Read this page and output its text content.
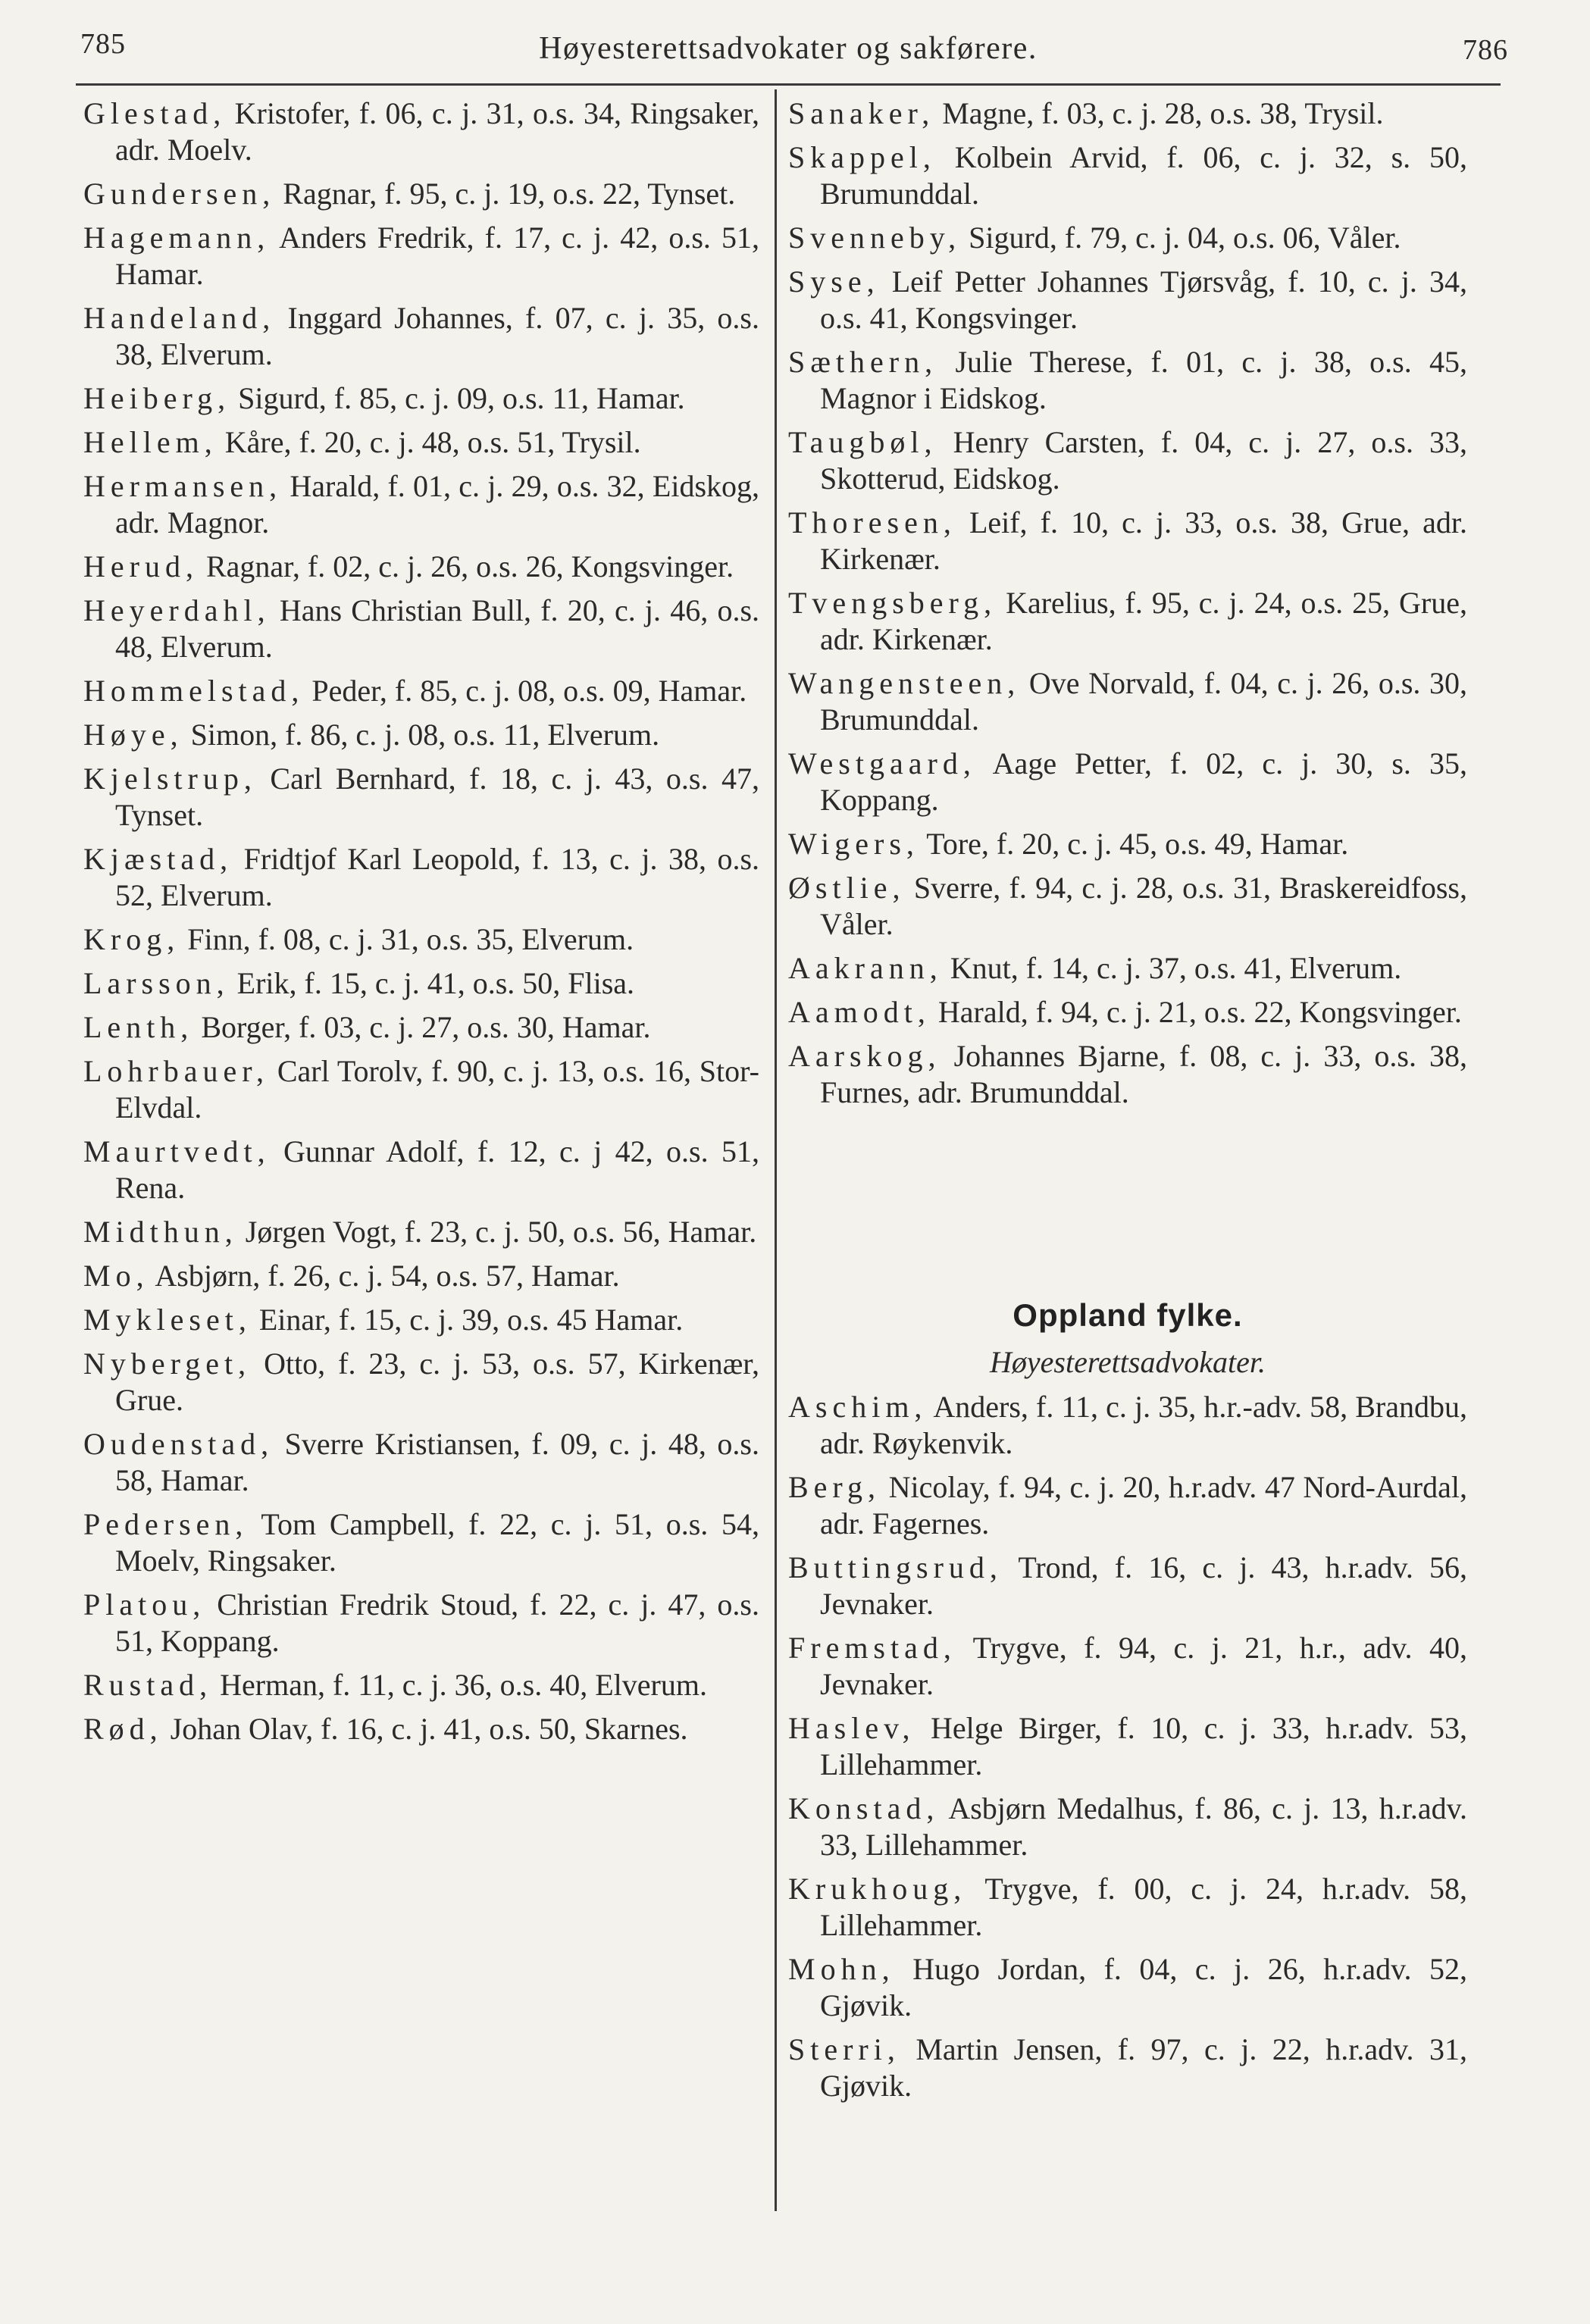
785	Høyesterettsadvokater og sakførere.	786
Glestad, Kristofer, f. 06, c. j. 31, o.s. 34, Ringsaker, adr. Moelv.
Gundersen, Ragnar, f. 95, c. j. 19, o.s. 22, Tynset.
Hagemann, Anders Fredrik, f. 17, c. j. 42, o.s. 51, Hamar.
Handeland, Inggard Johannes, f. 07, c. j. 35, o.s. 38, Elverum.
Heiberg, Sigurd, f. 85, c. j. 09, o.s. 11, Hamar.
Hellem, Kåre, f. 20, c. j. 48, o.s. 51, Trysil.
Hermansen, Harald, f. 01, c. j. 29, o.s. 32, Eidskog, adr. Magnor.
Herud, Ragnar, f. 02, c. j. 26, o.s. 26, Kongsvinger.
Heyerdahl, Hans Christian Bull, f. 20, c. j. 46, o.s. 48, Elverum.
Hommelstad, Peder, f. 85, c. j. 08, o.s. 09, Hamar.
Høye, Simon, f. 86, c. j. 08, o.s. 11, Elverum.
Kjelstrup, Carl Bernhard, f. 18, c. j. 43, o.s. 47, Tynset.
Kjæstad, Fridtjof Karl Leopold, f. 13, c. j. 38, o.s. 52, Elverum.
Krog, Finn, f. 08, c. j. 31, o.s. 35, Elverum.
Larsson, Erik, f. 15, c. j. 41, o.s. 50, Flisa.
Lenth, Borger, f. 03, c. j. 27, o.s. 30, Hamar.
Lohrbauer, Carl Torolv, f. 90, c. j. 13, o.s. 16, Stor-Elvdal.
Maurtvedt, Gunnar Adolf, f. 12, c. j 42, o.s. 51, Rena.
Midthun, Jørgen Vogt, f. 23, c. j. 50, o.s. 56, Hamar.
Mo, Asbjørn, f. 26, c. j. 54, o.s. 57, Hamar.
Mykleset, Einar, f. 15, c. j. 39, o.s. 45 Hamar.
Nyberget, Otto, f. 23, c. j. 53, o.s. 57, Kirkenær, Grue.
Oudenstad, Sverre Kristiansen, f. 09, c. j. 48, o.s. 58, Hamar.
Pedersen, Tom Campbell, f. 22, c. j. 51, o.s. 54, Moelv, Ringsaker.
Platou, Christian Fredrik Stoud, f. 22, c. j. 47, o.s. 51, Koppang.
Rustad, Herman, f. 11, c. j. 36, o.s. 40, Elverum.
Rød, Johan Olav, f. 16, c. j. 41, o.s. 50, Skarnes.
Sanaker, Magne, f. 03, c. j. 28, o.s. 38, Trysil.
Skappel, Kolbein Arvid, f. 06, c. j. 32, s. 50, Brumunddal.
Svenneby, Sigurd, f. 79, c. j. 04, o.s. 06, Våler.
Syse, Leif Petter Johannes Tjørsvåg, f. 10, c. j. 34, o.s. 41, Kongsvinger.
Sæthern, Julie Therese, f. 01, c. j. 38, o.s. 45, Magnor i Eidskog.
Taugbøl, Henry Carsten, f. 04, c. j. 27, o.s. 33, Skotterud, Eidskog.
Thoresen, Leif, f. 10, c. j. 33, o.s. 38, Grue, adr. Kirkenær.
Tvengsberg, Karelius, f. 95, c. j. 24, o.s. 25, Grue, adr. Kirkenær.
Wangensteen, Ove Norvald, f. 04, c. j. 26, o.s. 30, Brumunddal.
Westgaard, Aage Petter, f. 02, c. j. 30, s. 35, Koppang.
Wigers, Tore, f. 20, c. j. 45, o.s. 49, Hamar.
Østlie, Sverre, f. 94, c. j. 28, o.s. 31, Braskereidfoss, Våler.
Aakrann, Knut, f. 14, c. j. 37, o.s. 41, Elverum.
Aamodt, Harald, f. 94, c. j. 21, o.s. 22, Kongsvinger.
Aarskog, Johannes Bjarne, f. 08, c. j. 33, o.s. 38, Furnes, adr. Brumunddal.
Oppland fylke.
Høyesterettsadvokater.
Aschim, Anders, f. 11, c. j. 35, h.r.-adv. 58, Brandbu, adr. Røykenvik.
Berg, Nicolay, f. 94, c. j. 20, h.r.adv. 47 Nord-Aurdal, adr. Fagernes.
Buttingsrud, Trond, f. 16, c. j. 43, h.r.adv. 56, Jevnaker.
Fremstad, Trygve, f. 94, c. j. 21, h.r., adv. 40, Jevnaker.
Haslev, Helge Birger, f. 10, c. j. 33, h.r.adv. 53, Lillehammer.
Konstad, Asbjørn Medalhus, f. 86, c. j. 13, h.r.adv. 33, Lillehammer.
Krukhoug, Trygve, f. 00, c. j. 24, h.r.adv. 58, Lillehammer.
Mohn, Hugo Jordan, f. 04, c. j. 26, h.r.adv. 52, Gjøvik.
Sterri, Martin Jensen, f. 97, c. j. 22, h.r.adv. 31, Gjøvik.
